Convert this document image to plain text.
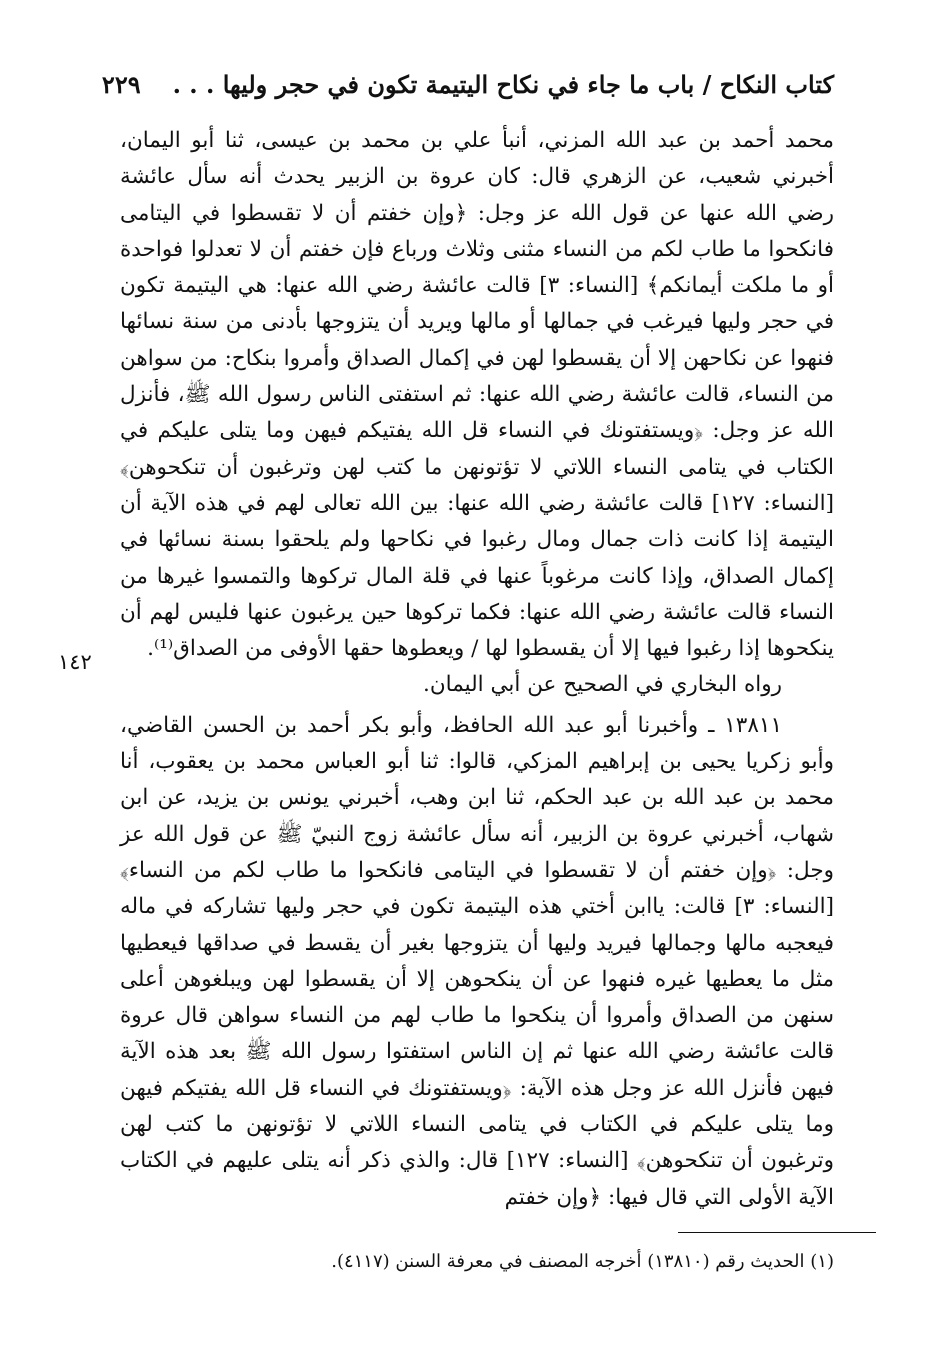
كتاب النكاح / باب ما جاء في نكاح اليتيمة تكون في حجر وليها . . .
٢٢٩

محمد أحمد بن عبد الله المزني، أنبأ علي بن محمد بن عيسى، ثنا أبو اليمان، أخبرني شعيب، عن الزهري قال: كان عروة بن الزبير يحدث أنه سأل عائشة رضي الله عنها عن قول الله عز وجل: ﴿وإن خفتم أن لا تقسطوا في اليتامى فانكحوا ما طاب لكم من النساء مثنى وثلاث ورباع فإن خفتم أن لا تعدلوا فواحدة أو ما ملكت أيمانكم﴾ [النساء: ٣] قالت عائشة رضي الله عنها: هي اليتيمة تكون في حجر وليها فيرغب في جمالها أو مالها ويريد أن يتزوجها بأدنى من سنة نسائها فنهوا عن نكاحهن إلا أن يقسطوا لهن في إكمال الصداق وأمروا بنكاح: من سواهن من النساء، قالت عائشة رضي الله عنها: ثم استفتى الناس رسول الله ﷺ، فأنزل الله عز وجل: ﴿ويستفتونك في النساء قل الله يفتيكم فيهن وما يتلى عليكم في الكتاب في يتامى النساء اللاتي لا تؤتونهن ما كتب لهن وترغبون أن تنكحوهن﴾ [النساء: ١٢٧] قالت عائشة رضي الله عنها: بين الله تعالى لهم في هذه الآية أن اليتيمة إذا كانت ذات جمال ومال رغبوا في نكاحها ولم يلحقوا بسنة نسائها في إكمال الصداق، وإذا كانت مرغوباً عنها في قلة المال تركوها والتمسوا غيرها من النساء قالت عائشة رضي الله عنها: فكما تركوها حين يرغبون عنها فليس لهم أن ينكحوها إذا رغبوا فيها إلا أن يقسطوا لها / ويعطوها حقها الأوفى من الصداق⁽¹⁾.

رواه البخاري في الصحيح عن أبي اليمان.

١٣٨١١ ـ وأخبرنا أبو عبد الله الحافظ، وأبو بكر أحمد بن الحسن القاضي، وأبو زكريا يحيى بن إبراهيم المزكي، قالوا: ثنا أبو العباس محمد بن يعقوب، أنا محمد بن عبد الله بن عبد الحكم، ثنا ابن وهب، أخبرني يونس بن يزيد، عن ابن شهاب، أخبرني عروة بن الزبير، أنه سأل عائشة زوج النبيّ ﷺ عن قول الله عز وجل: ﴿وإن خفتم أن لا تقسطوا في اليتامى فانكحوا ما طاب لكم من النساء﴾ [النساء: ٣] قالت: ياابن أختي هذه اليتيمة تكون في حجر وليها تشاركه في ماله فيعجبه مالها وجمالها فيريد وليها أن يتزوجها بغير أن يقسط في صداقها فيعطيها مثل ما يعطيها غيره فنهوا عن أن ينكحوهن إلا أن يقسطوا لهن ويبلغوهن أعلى سنهن من الصداق وأمروا أن ينكحوا ما طاب لهم من النساء سواهن قال عروة قالت عائشة رضي الله عنها ثم إن الناس استفتوا رسول الله ﷺ بعد هذه الآية فيهن فأنزل الله عز وجل هذه الآية: ﴿ويستفتونك في النساء قل الله يفتيكم فيهن وما يتلى عليكم في الكتاب في يتامى النساء اللاتي لا تؤتونهن ما كتب لهن وترغبون أن تنكحوهن﴾ [النساء: ١٢٧] قال: والذي ذكر أنه يتلى عليهم في الكتاب الآية الأولى التي قال فيها: ﴿وإن خفتم

١٤٢
(١) الحديث رقم (١٣٨١٠) أخرجه المصنف في معرفة السنن (٤١١٧).
